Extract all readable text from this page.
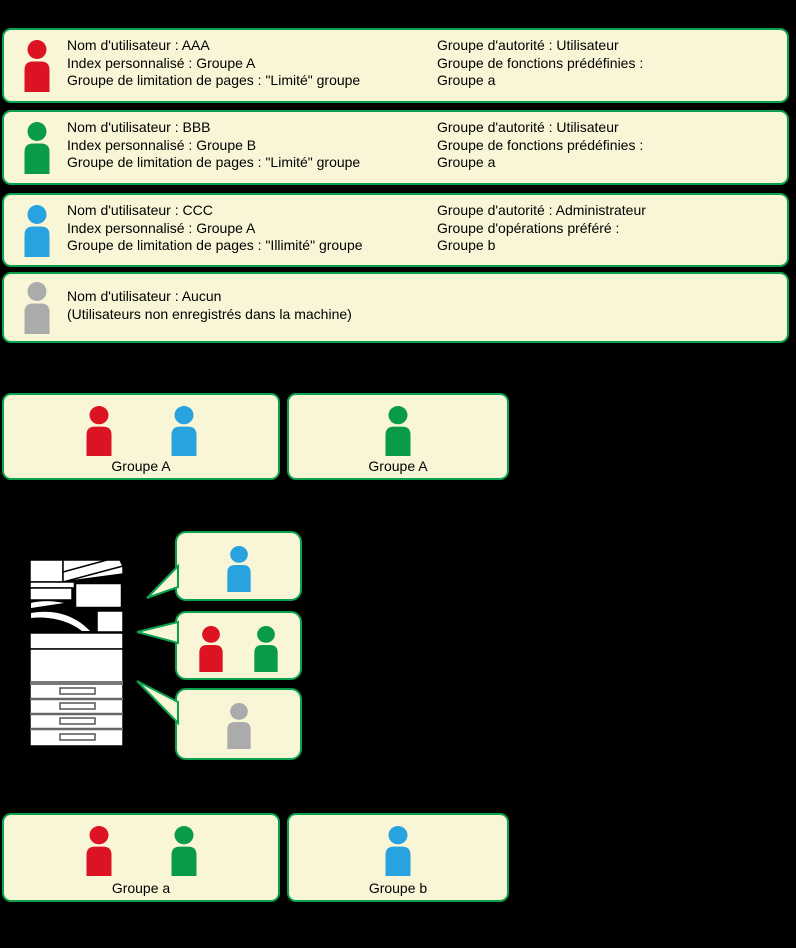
Nom d'utilisateur : AAA
Index personnalisé : Groupe A
Groupe de limitation de pages : "Limité" groupe
Groupe d'autorité : Utilisateur
Groupe de fonctions prédéfinies :
Groupe a
Nom d'utilisateur : BBB
Index personnalisé : Groupe B
Groupe de limitation de pages : "Limité" groupe
Groupe d'autorité : Utilisateur
Groupe de fonctions prédéfinies :
Groupe a
Nom d'utilisateur : CCC
Index personnalisé : Groupe A
Groupe de limitation de pages : "Illimité" groupe
Groupe d'autorité : Administrateur
Groupe d'opérations préféré :
Groupe b
Nom d'utilisateur : Aucun
(Utilisateurs non enregistrés dans la machine)
Groupe A	Groupe A
Groupe a	Groupe b
